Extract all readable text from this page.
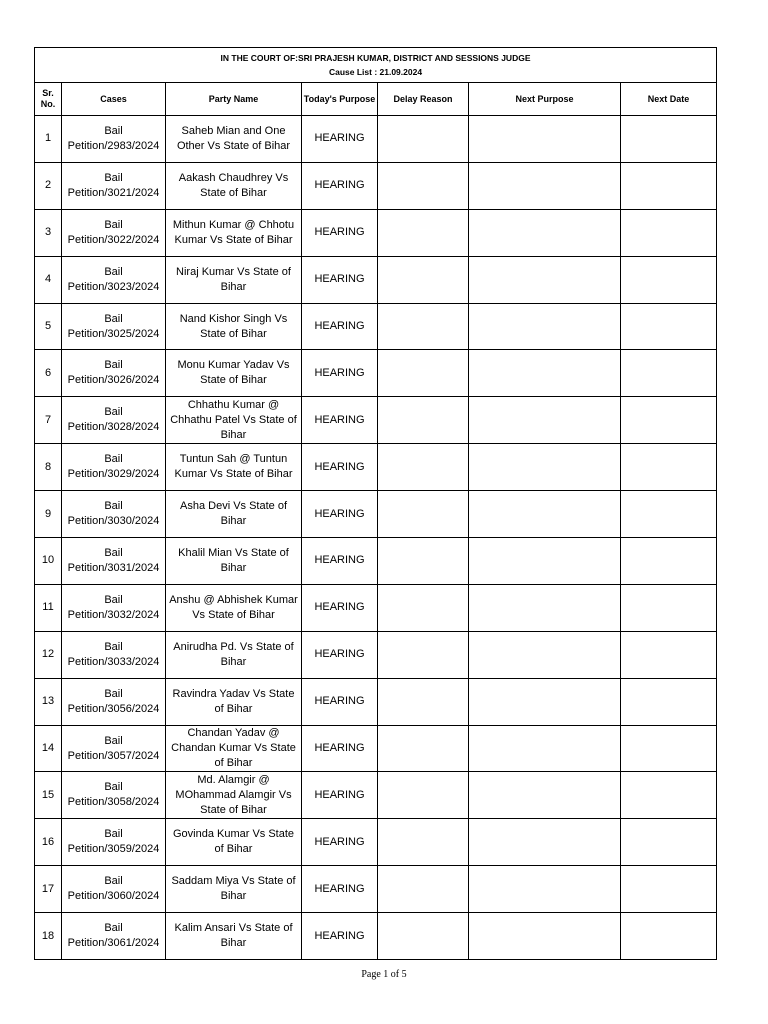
IN THE COURT OF:SRI PRAJESH KUMAR, DISTRICT AND SESSIONS JUDGE
Cause List : 21.09.2024						

Sr. No.	Cases	Party Name	Today's Purpose	Delay Reason	Next Purpose	Next Date
1	Bail Petition/2983/2024	Saheb Mian and One Other Vs State of Bihar	HEARING			
2	Bail Petition/3021/2024	Aakash Chaudhrey Vs State of Bihar	HEARING			
3	Bail Petition/3022/2024	Mithun Kumar @ Chhotu Kumar Vs State of Bihar	HEARING			
4	Bail Petition/3023/2024	Niraj Kumar Vs State of Bihar	HEARING			
5	Bail Petition/3025/2024	Nand Kishor Singh Vs State of Bihar	HEARING			
6	Bail Petition/3026/2024	Monu Kumar Yadav Vs State of Bihar	HEARING			
7	Bail Petition/3028/2024	Chhathu Kumar @ Chhathu Patel Vs State of Bihar	HEARING			
8	Bail Petition/3029/2024	Tuntun Sah @ Tuntun Kumar Vs State of Bihar	HEARING			
9	Bail Petition/3030/2024	Asha Devi Vs State of Bihar	HEARING			
10	Bail Petition/3031/2024	Khalil Mian Vs State of Bihar	HEARING			
11	Bail Petition/3032/2024	Anshu @ Abhishek Kumar Vs State of Bihar	HEARING			
12	Bail Petition/3033/2024	Anirudha Pd. Vs State of Bihar	HEARING			
13	Bail Petition/3056/2024	Ravindra Yadav Vs State of Bihar	HEARING			
14	Bail Petition/3057/2024	Chandan Yadav @ Chandan Kumar Vs State of Bihar	HEARING			
15	Bail Petition/3058/2024	Md. Alamgir @ MOhammad Alamgir Vs State of Bihar	HEARING			
16	Bail Petition/3059/2024	Govinda Kumar Vs State of Bihar	HEARING			
17	Bail Petition/3060/2024	Saddam Miya Vs State of Bihar	HEARING			
18	Bail Petition/3061/2024	Kalim Ansari Vs State of Bihar	HEARING			
Page 1 of 5
